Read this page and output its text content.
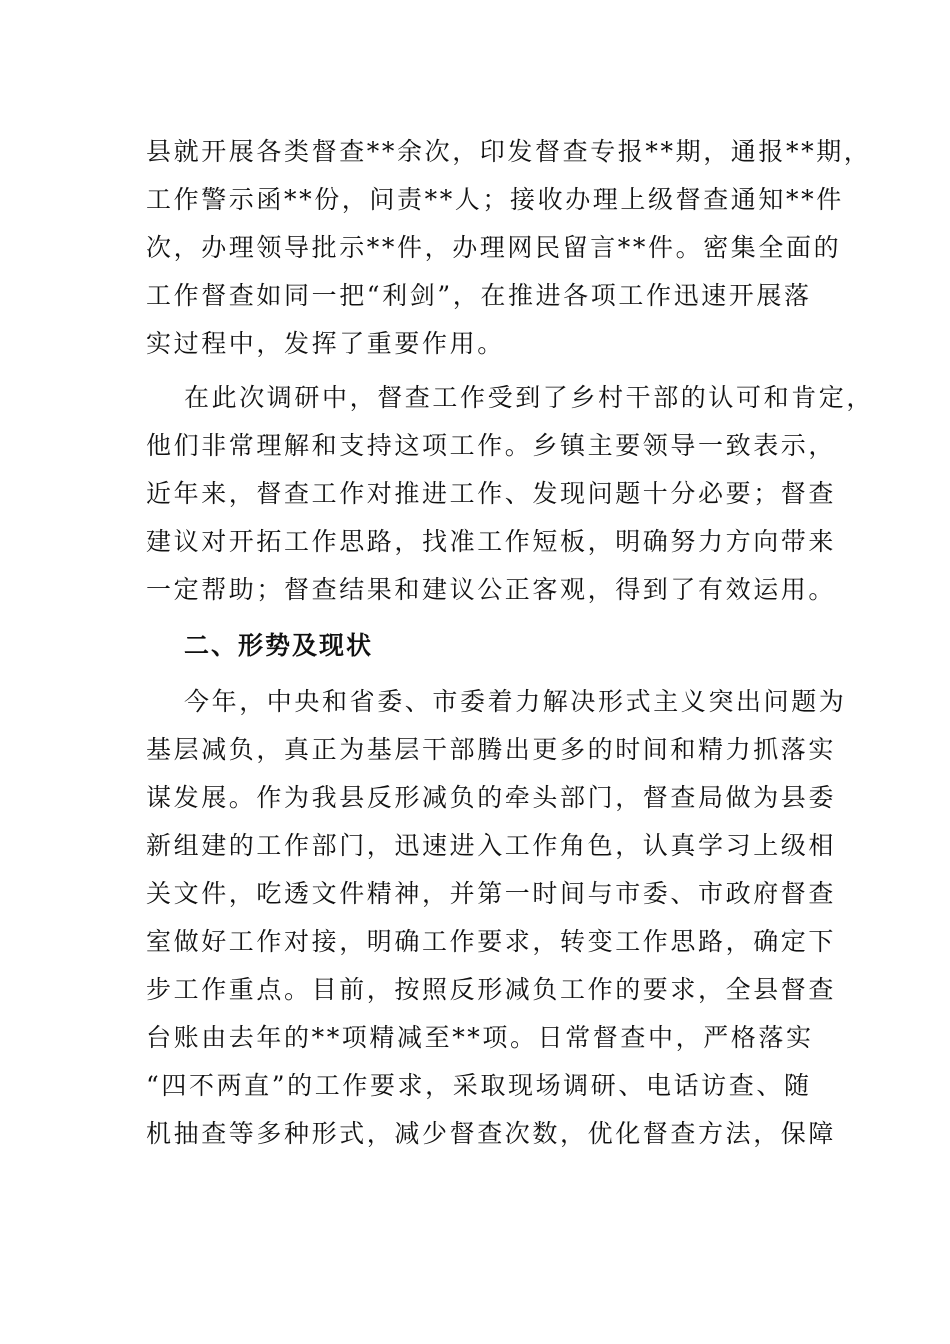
县就开展各类督查**余次，印发督查专报**期，通报**期，
工作警示函**份，问责**人；接收办理上级督查通知**件
次，办理领导批示**件，办理网民留言**件。密集全面的
工作督查如同一把“利剑”，在推进各项工作迅速开展落
实过程中，发挥了重要作用。
在此次调研中，督查工作受到了乡村干部的认可和肯定，
他们非常理解和支持这项工作。乡镇主要领导一致表示，
近年来，督查工作对推进工作、发现问题十分必要；督查
建议对开拓工作思路，找准工作短板，明确努力方向带来
一定帮助；督查结果和建议公正客观，得到了有效运用。
二、形势及现状
今年，中央和省委、市委着力解决形式主义突出问题为
基层减负，真正为基层干部腾出更多的时间和精力抓落实
谋发展。作为我县反形减负的牵头部门，督查局做为县委
新组建的工作部门，迅速进入工作角色，认真学习上级相
关文件，吃透文件精神，并第一时间与市委、市政府督查
室做好工作对接，明确工作要求，转变工作思路，确定下
步工作重点。目前，按照反形减负工作的要求，全县督查
台账由去年的**项精减至**项。日常督查中，严格落实
“四不两直”的工作要求，采取现场调研、电话访查、随
机抽查等多种形式，减少督查次数，优化督查方法，保障
